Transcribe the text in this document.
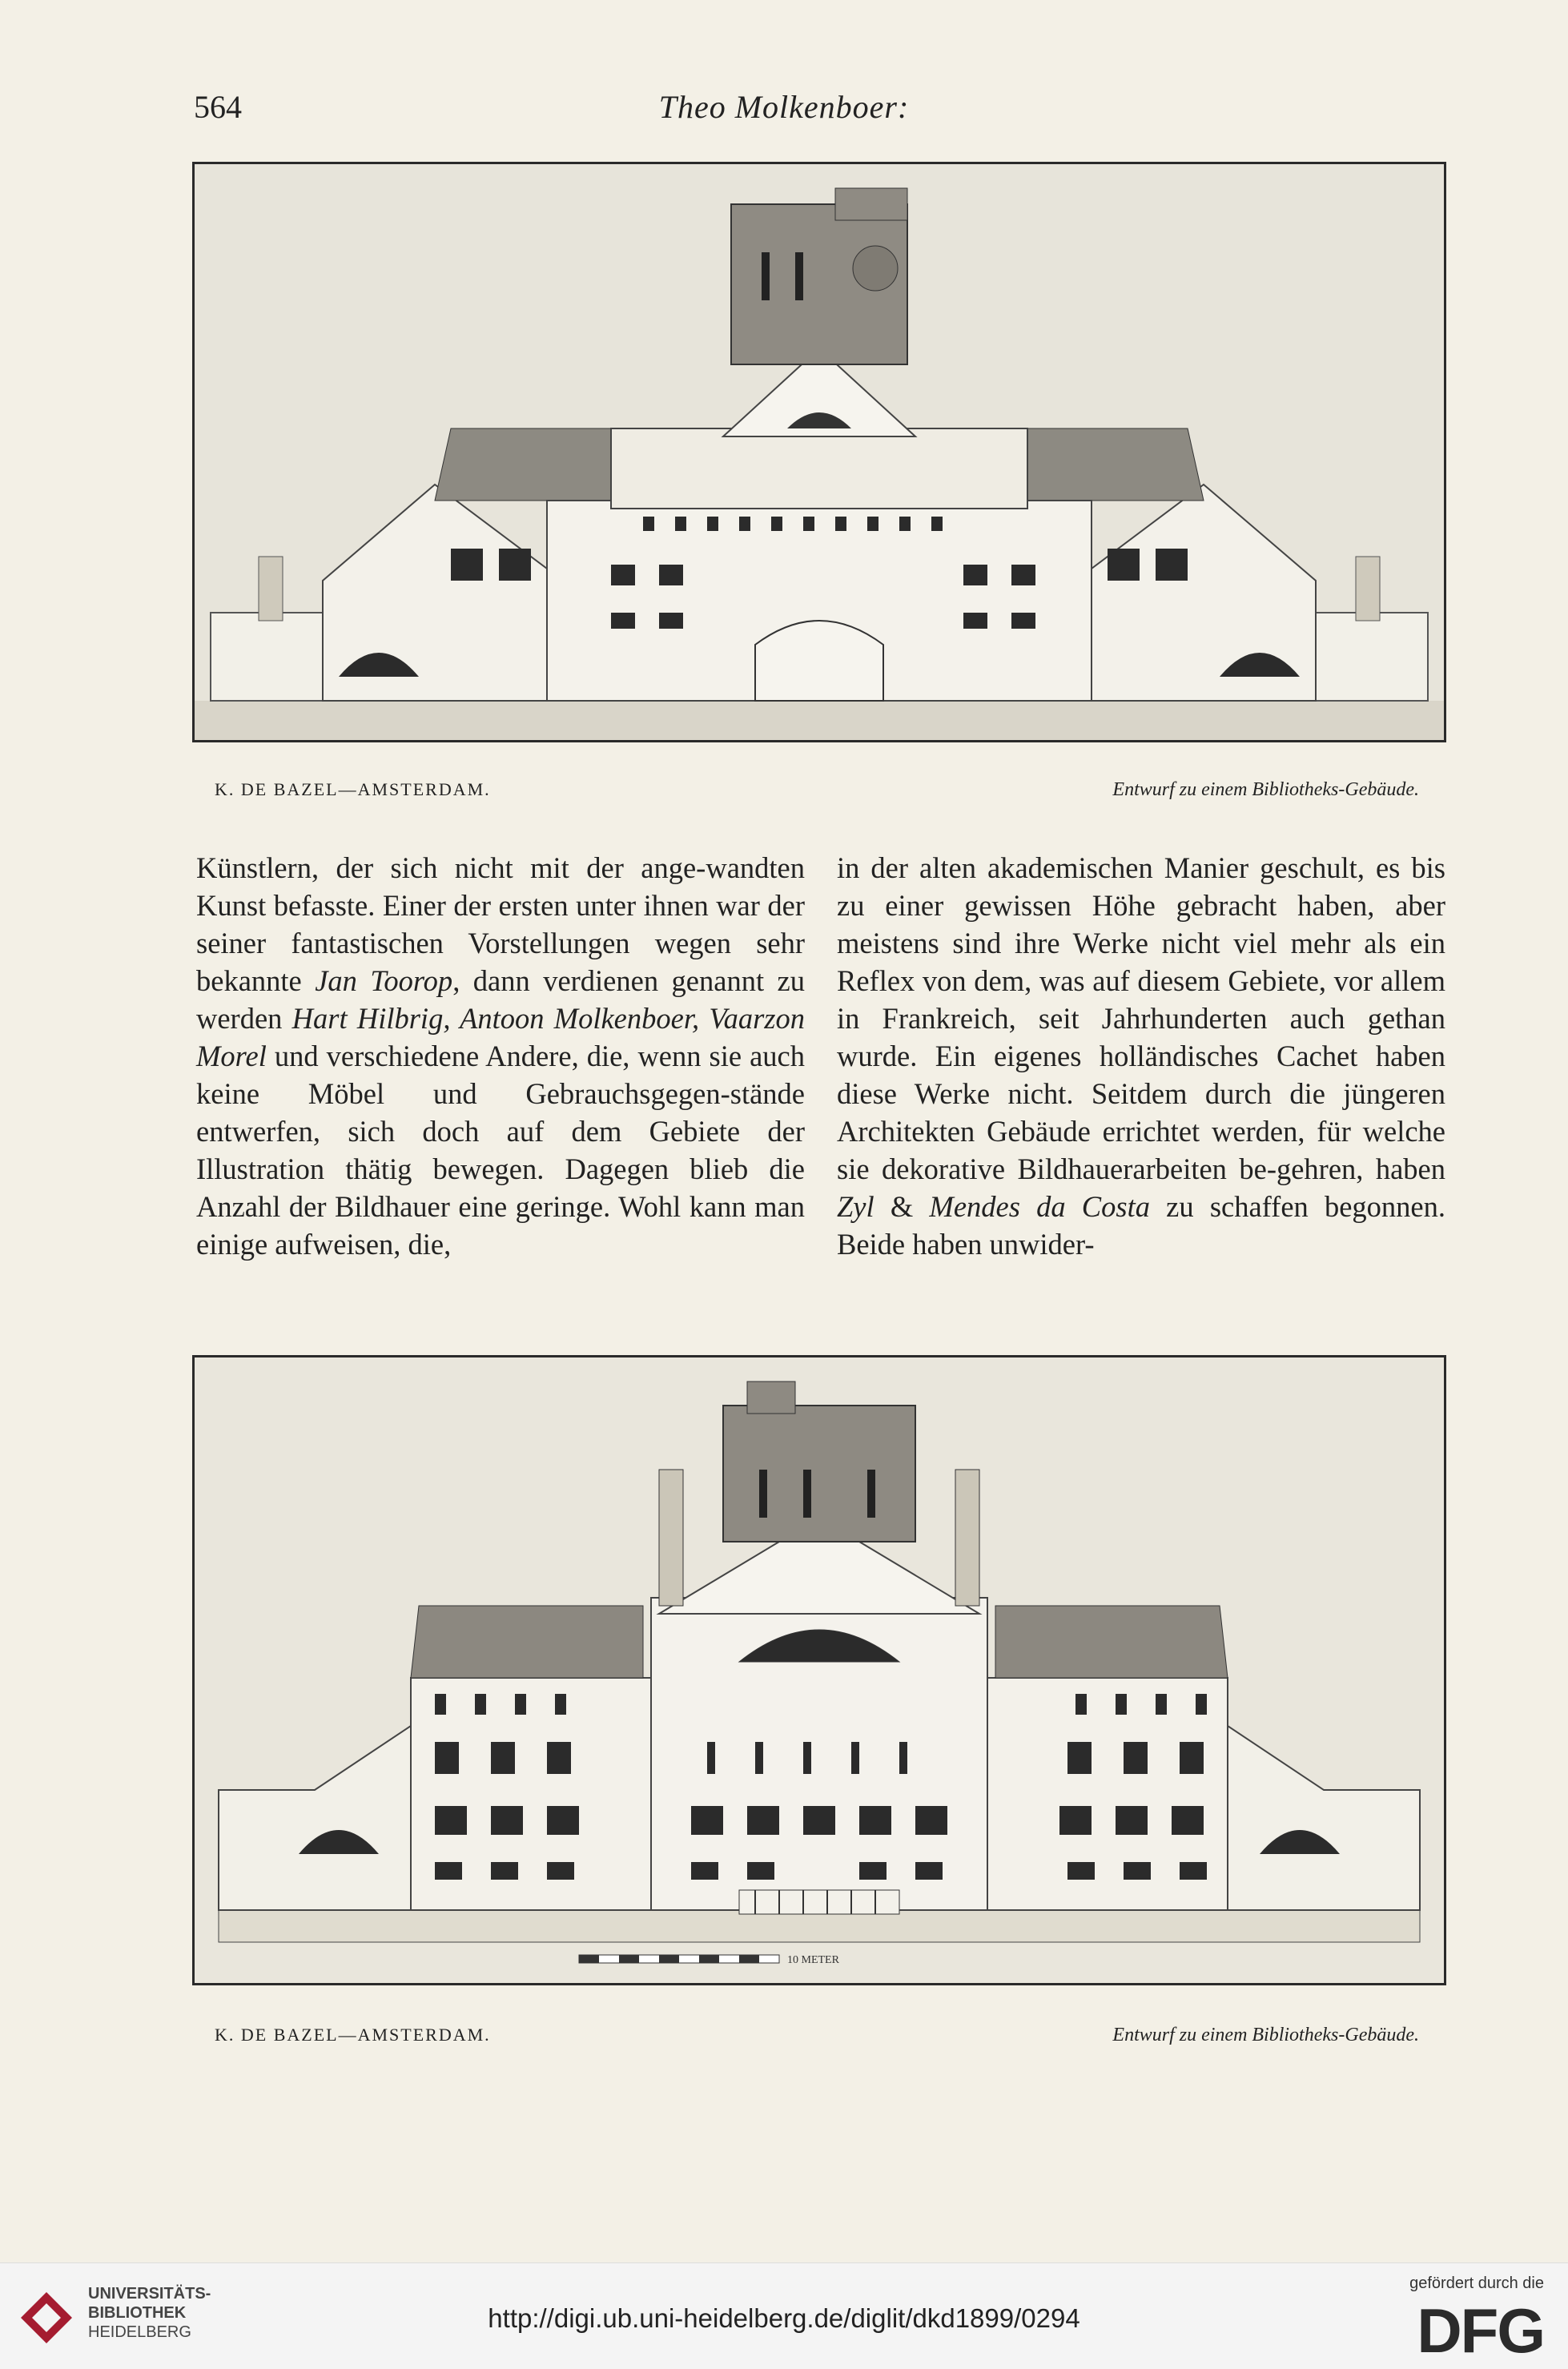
564	Theo Molkenboer:
K. DE BAZEL—AMSTERDAM.	Entwurf zu einem Bibliotheks-Gebäude.

Künstlern, der sich nicht mit der ange-wandten Kunst befasste. Einer der ersten unter ihnen war der seiner fantastischen Vorstellungen wegen sehr bekannte Jan Toorop, dann verdienen genannt zu werden Hart Hilbrig, Antoon Molkenboer, Vaarzon Morel und verschiedene Andere, die, wenn sie auch keine Möbel und Gebrauchsgegen-stände entwerfen, sich doch auf dem Gebiete der Illustration thätig bewegen. Dagegen blieb die Anzahl der Bildhauer eine geringe. Wohl kann man einige aufweisen, die,

in der alten akademischen Manier geschult, es bis zu einer gewissen Höhe gebracht haben, aber meistens sind ihre Werke nicht viel mehr als ein Reflex von dem, was auf diesem Gebiete, vor allem in Frankreich, seit Jahrhunderten auch gethan wurde. Ein eigenes holländisches Cachet haben diese Werke nicht. Seitdem durch die jüngeren Architekten Gebäude errichtet werden, für welche sie dekorative Bildhauerarbeiten be-gehren, haben Zyl & Mendes da Costa zu schaffen begonnen. Beide haben unwider-

10 METER
K. DE BAZEL—AMSTERDAM.	Entwurf zu einem Bibliotheks-Gebäude.
UNIVERSITÄTS-
BIBLIOTHEK
HEIDELBERG	http://digi.ub.uni-heidelberg.de/diglit/dkd1899/0294
gefördert durch die
DFG
